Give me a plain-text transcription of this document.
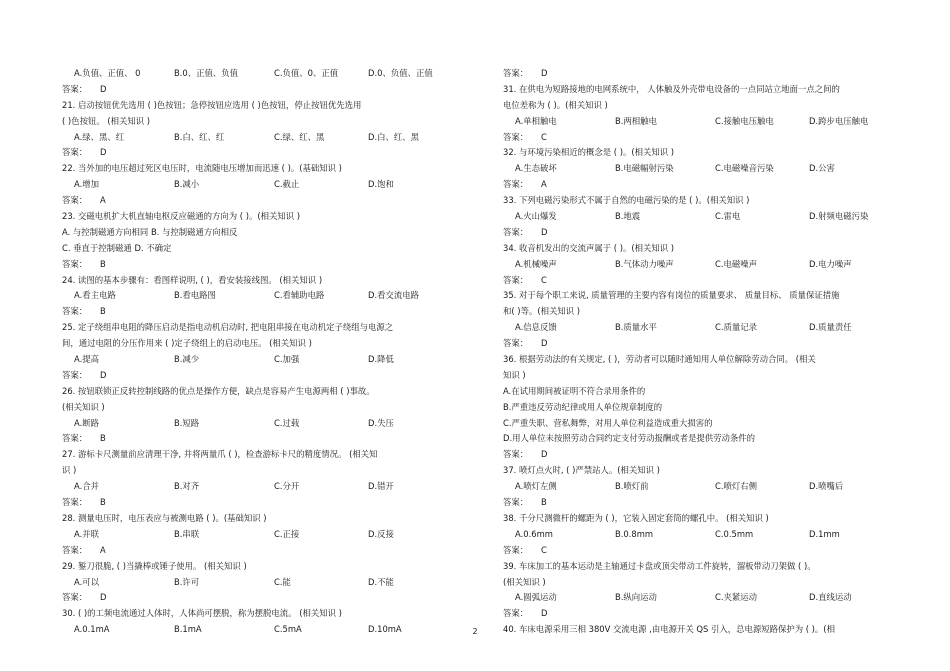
A.负值、正值、 0	B.0、正值、负值	C.负值、0、正值	D.0、负值、正值
答案： D
21. 启动按钮优先选用 ( )色按钮；急停按钮应选用 ( )色按钮，停止按钮优先选用
( )色按钮。 (相关知识 )
A.绿、黑、红	B.白、红、红	C.绿、红、黑	D.白、红、黑
答案： D
22. 当外加的电压超过死区电压时，电流随电压增加而迅速 ( )。(基础知识 )
A.增加	B.减小	C.截止	D.饱和
答案： A
23. 交磁电机扩大机直轴电枢反应磁通的方向为 ( )。(相关知识 )
A. 与控制磁通方向相同 B. 与控制磁通方向相反
C. 垂直于控制磁通 D. 不确定
答案： B
24. 读图的基本步骤有：看图样说明, ( )，看安装接线图。 (相关知识 )
A.看主电路	B.看电路图	C.看辅助电路	D.看交流电路
答案： B
25. 定子绕组串电阻的降压启动是指电动机启动时, 把电阻串接在电动机定子绕组与电源之
间，通过电阻的分压作用来 ( )定子绕组上的启动电压。 (相关知识 )
A.提高	B.减少	C.加强	D.降低
答案： D
26. 按钮联锁正反转控制线路的优点是操作方便，缺点是容易产生电源两相 ( )事故。
(相关知识 )
A.断路	B.短路	C.过载	D.失压
答案： B
27. 游标卡尺测量前应清理干净, 并将两量爪 ( )，检查游标卡尺的精度情况。 (相关知
识 )
A.合并	B.对齐	C.分开	D.错开
答案： B
28. 测量电压时，电压表应与被测电路 ( )。(基础知识 )
A.并联	B.串联	C.正接	D.反接
答案： A
29. 錾刀很脆, ( )当撬棒或锤子使用。 (相关知识 )
A.可以	B.许可	C.能	D.不能
答案： D
30. ( )的工频电流通过人体时，人体尚可摆脱，称为摆脱电流。 (相关知识 )
A.0.1mA	B.1mA	C.5mA	D.10mA
答案： D
31. 在供电为短路接地的电网系统中， 人体触及外壳带电设备的一点同站立地面一点之间的
电位差称为 ( )。(相关知识 )
A.单相触电	B.两相触电	C.接触电压触电	D.跨步电压触电
答案： C
32. 与环境污染相近的概念是 ( )。(相关知识 )
A.生态破坏	B.电磁幅射污染	C.电磁噪音污染	D.公害
答案： A
33. 下列电磁污染形式不属于自然的电磁污染的是 ( )。(相关知识 )
A.火山爆发	B.地震	C.雷电	D.射频电磁污染
答案： D
34. 收音机发出的交流声属于 ( )。(相关知识 )
A.机械噪声	B.气体动力噪声	C.电磁噪声	D.电力噪声
答案： C
35. 对于每个职工来说, 质量管理的主要内容有岗位的质量要求、 质量目标、 质量保证措施
和( )等。(相关知识 )
A.信息反馈	B.质量水平	C.质量记录	D.质量责任
答案： D
36. 根据劳动法的有关规定, ( )，劳动者可以随时通知用人单位解除劳动合同。 (相关
知识 )
A.在试用期间被证明不符合录用条件的
B.严重违反劳动纪律或用人单位规章制度的
C.严重失职、营私舞弊，对用人单位利益造成重大损害的
D.用人单位未按照劳动合同约定支付劳动报酬或者是提供劳动条件的
答案： D
37. 喷灯点火时, ( )严禁站人。(相关知识 )
A.喷灯左侧	B.喷灯前	C.喷灯右侧	D.喷嘴后
答案： B
38. 千分尺测微杆的螺距为 ( )，它装入固定套筒的螺孔中。 (相关知识 )
A.0.6mm	B.0.8mm	C.0.5mm	D.1mm
答案： C
39. 车床加工的基本运动是主轴通过卡盘或顶尖带动工件旋转，溜板带动刀架做 ( )。
(相关知识 )
A.圆弧运动	B.纵向运动	C.夹紧运动	D.直线运动
答案： D
40. 车床电源采用三相 380V 交流电源 ,由电源开关 QS 引入，总电源短路保护为 ( )。(相
2
